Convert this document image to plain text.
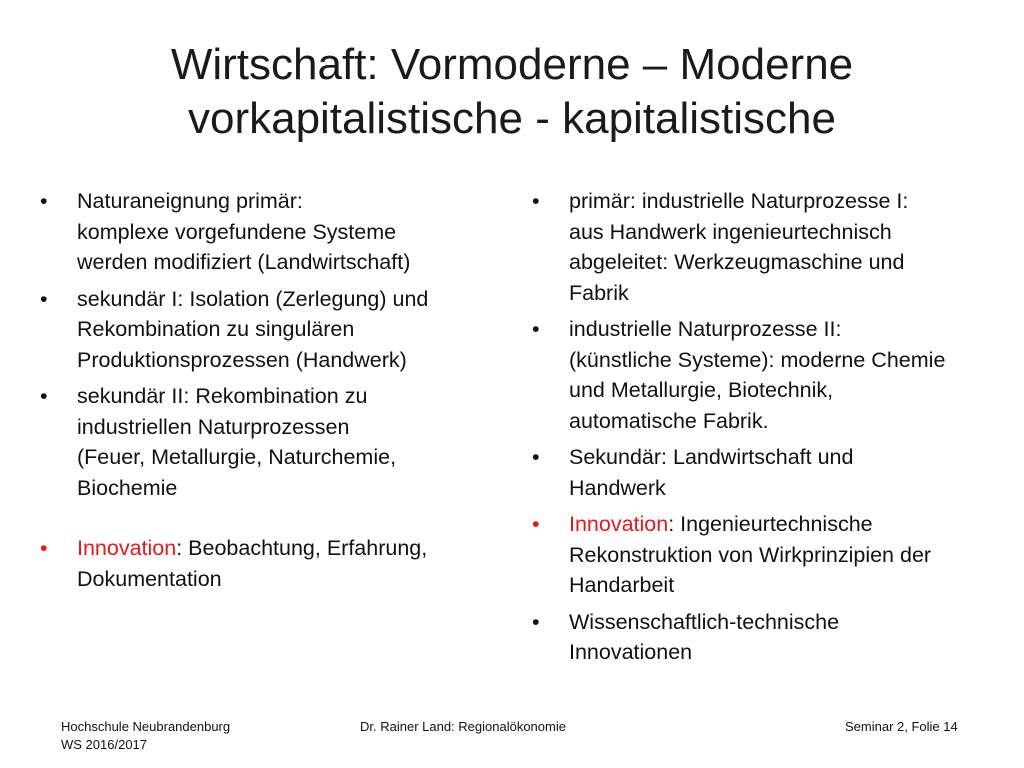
Wirtschaft: Vormoderne – Moderne
vorkapitalistische - kapitalistische
•	Naturaneignung primär:
komplexe vorgefundene Systeme
werden modifiziert (Landwirtschaft)
•	sekundär I: Isolation (Zerlegung) und
Rekombination zu singulären
Produktionsprozessen (Handwerk)
•	sekundär II: Rekombination zu
industriellen Naturprozessen
(Feuer, Metallurgie, Naturchemie,
Biochemie
•	Innovation: Beobachtung, Erfahrung,
Dokumentation
•	primär: industrielle Naturprozesse I:
aus Handwerk ingenieurtechnisch
abgeleitet: Werkzeugmaschine und
Fabrik
•	industrielle Naturprozesse II:
(künstliche Systeme): moderne Chemie
und Metallurgie, Biotechnik,
automatische Fabrik.
•	Sekundär: Landwirtschaft und
Handwerk
•	Innovation: Ingenieurtechnische
Rekonstruktion von Wirkprinzipien der
Handarbeit
•	Wissenschaftlich-technische
Innovationen
Hochschule Neubrandenburg
WS 2016/2017
Dr. Rainer Land: Regionalökonomie	Seminar 2, Folie 14
